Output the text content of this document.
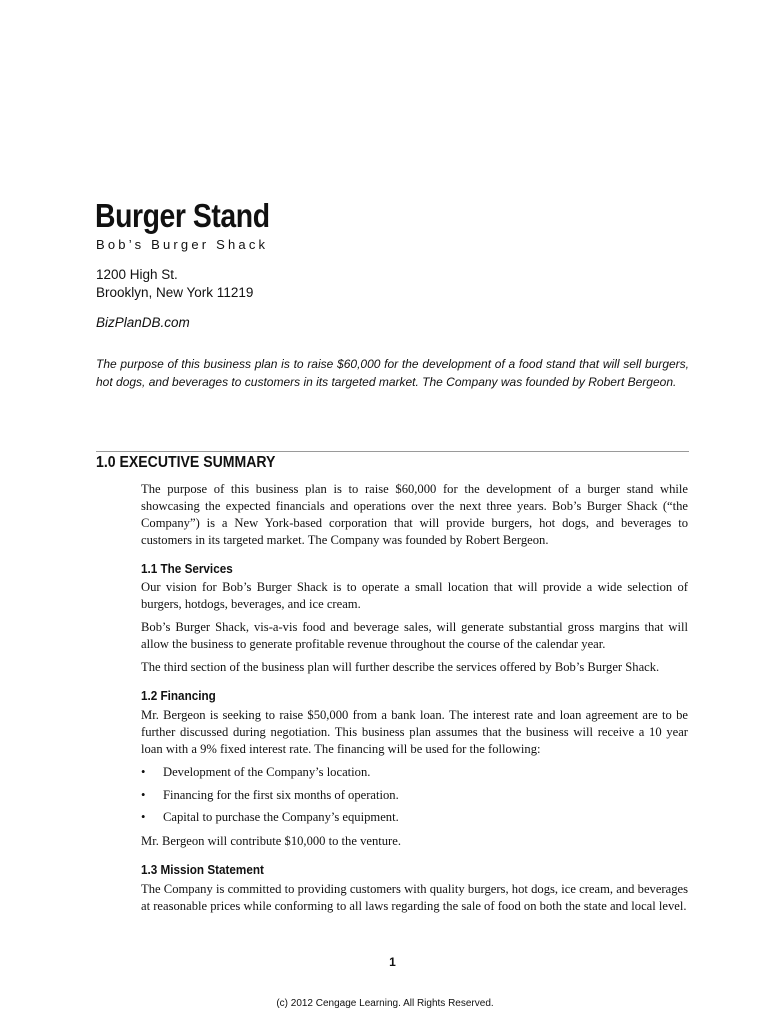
Burger Stand
Bob’s Burger Shack
1200 High St.
Brooklyn, New York 11219
BizPlanDB.com

The purpose of this business plan is to raise $60,000 for the development of a food stand that will sell burgers, hot dogs, and beverages to customers in its targeted market. The Company was founded by Robert Bergeon.

1.0 EXECUTIVE SUMMARY

The purpose of this business plan is to raise $60,000 for the development of a burger stand while showcasing the expected financials and operations over the next three years. Bob’s Burger Shack (“the Company”) is a New York-based corporation that will provide burgers, hot dogs, and beverages to customers in its targeted market. The Company was founded by Robert Bergeon.

1.1 The Services

Our vision for Bob’s Burger Shack is to operate a small location that will provide a wide selection of burgers, hotdogs, beverages, and ice cream.

Bob’s Burger Shack, vis-a-vis food and beverage sales, will generate substantial gross margins that will allow the business to generate profitable revenue throughout the course of the calendar year.

The third section of the business plan will further describe the services offered by Bob’s Burger Shack.

1.2 Financing

Mr. Bergeon is seeking to raise $50,000 from a bank loan. The interest rate and loan agreement are to be further discussed during negotiation. This business plan assumes that the business will receive a 10 year loan with a 9% fixed interest rate. The financing will be used for the following:

• Development of the Company’s location.
• Financing for the first six months of operation.
• Capital to purchase the Company’s equipment.

Mr. Bergeon will contribute $10,000 to the venture.

1.3 Mission Statement

The Company is committed to providing customers with quality burgers, hot dogs, ice cream, and beverages at reasonable prices while conforming to all laws regarding the sale of food on both the state and local level.

1
(c) 2012 Cengage Learning. All Rights Reserved.
